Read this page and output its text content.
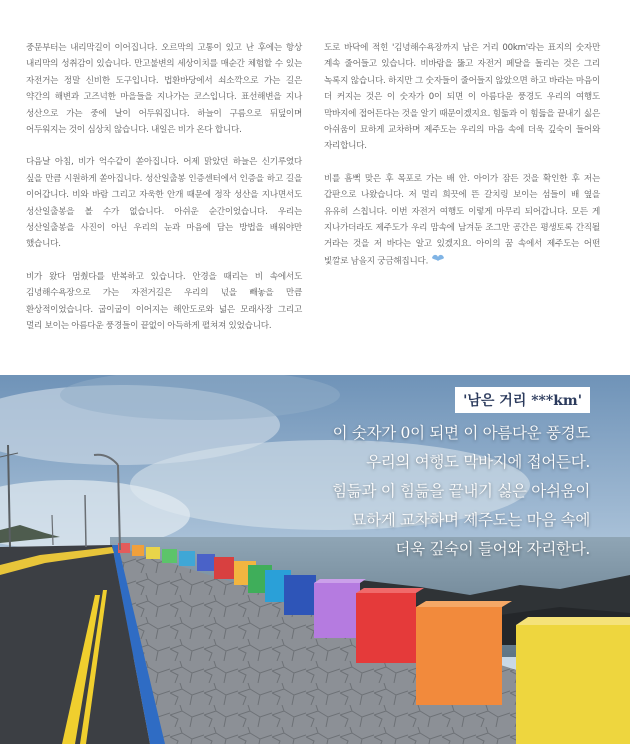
중문부터는 내리막길이 이어집니다. 오르막의 고통이 있고 난 후에는 항상 내리막의 성취감이 있습니다. 만고불변의 세상이치를 매순간 체험할 수 있는 자전거는 정말 신비한 도구입니다. 법환바당에서 쇠소깍으로 가는 길은 약간의 해변과 고즈넉한 마을들을 지나가는 코스입니다. 표선해변을 지나 성산으로 가는 중에 날이 어두워집니다. 하늘이 구름으로 뒤덮이며 어두워지는 것이 심상치 않습니다. 내일은 비가 온다 합니다.

다음날 아침, 비가 억수같이 쏟아집니다. 어제 맑았던 하늘은 신기루였다 싶을 만큼 시원하게 쏟아집니다. 성산일출봉 인증센터에서 인증을 하고 길을 이어갑니다. 비와 바람 그리고 자욱한 안개 때문에 정작 성산을 지나면서도 성산일출봉을 볼 수가 없습니다. 아쉬운 순간이었습니다. 우리는 성산일출봉을 사진이 아닌 우리의 눈과 마음에 담는 방법을 배워야만 했습니다.

비가 왔다 멈췄다를 반복하고 있습니다. 안경을 때리는 비 속에서도 김녕해수욕장으로 가는 자전거길은 우리의 넋을 빼놓을 만큼 환상적이었습니다. 굽이굽이 이어지는 해안도로와 넓은 모래사장 그리고 멀리 보이는 아름다운 풍경들이 끝없이 아득하게 펼쳐져 있었습니다.

도로 바닥에 적힌 '김녕해수욕장까지 남은 거리 00km'라는 표지의 숫자만 계속 줄어들고 있습니다. 비바람을 뚫고 자전거 페달을 돌리는 것은 그리 녹록지 않습니다. 하지만 그 숫자들이 줄어들지 않았으면 하고 바라는 마음이 더 커지는 것은 이 숫자가 0이 되면 이 아름다운 풍경도 우리의 여행도 막바지에 접어든다는 것을 알기 때문이겠지요. 힘듦과 이 힘듦을 끝내기 싫은 아쉬움이 묘하게 교차하며 제주도는 우리의 마음 속에 더욱 깊숙이 들어와 자리합니다.

비를 흠뻑 맞은 후 목포로 가는 배 안. 아이가 잠든 것을 확인한 후 저는 갑판으로 나왔습니다. 저 멀리 희끗에 뜬 갈치링 보이는 섬들이 배 옆을 유유히 스칩니다. 이번 자전거 여행도 이렇게 마무리 되어갑니다. 모든 게 지나가더라도 제주도가 우리 맘속에 남겨둔 조그만 공간은 평생토록 간직될 거라는 것을 저 바다는 알고 있겠지요. 아이의 꿈 속에서 제주도는 어떤 빛깔로 남을지 궁금해집니다.

'남은 거리 ***km'
이 숫자가 0이 되면 이 아름다운 풍경도
우리의 여행도 막바지에 접어든다.
힘듦과 이 힘듦을 끝내기 싫은 아쉬움이
묘하게 교차하며 제주도는 마음 속에
더욱 깊숙이 들어와 자리한다.
